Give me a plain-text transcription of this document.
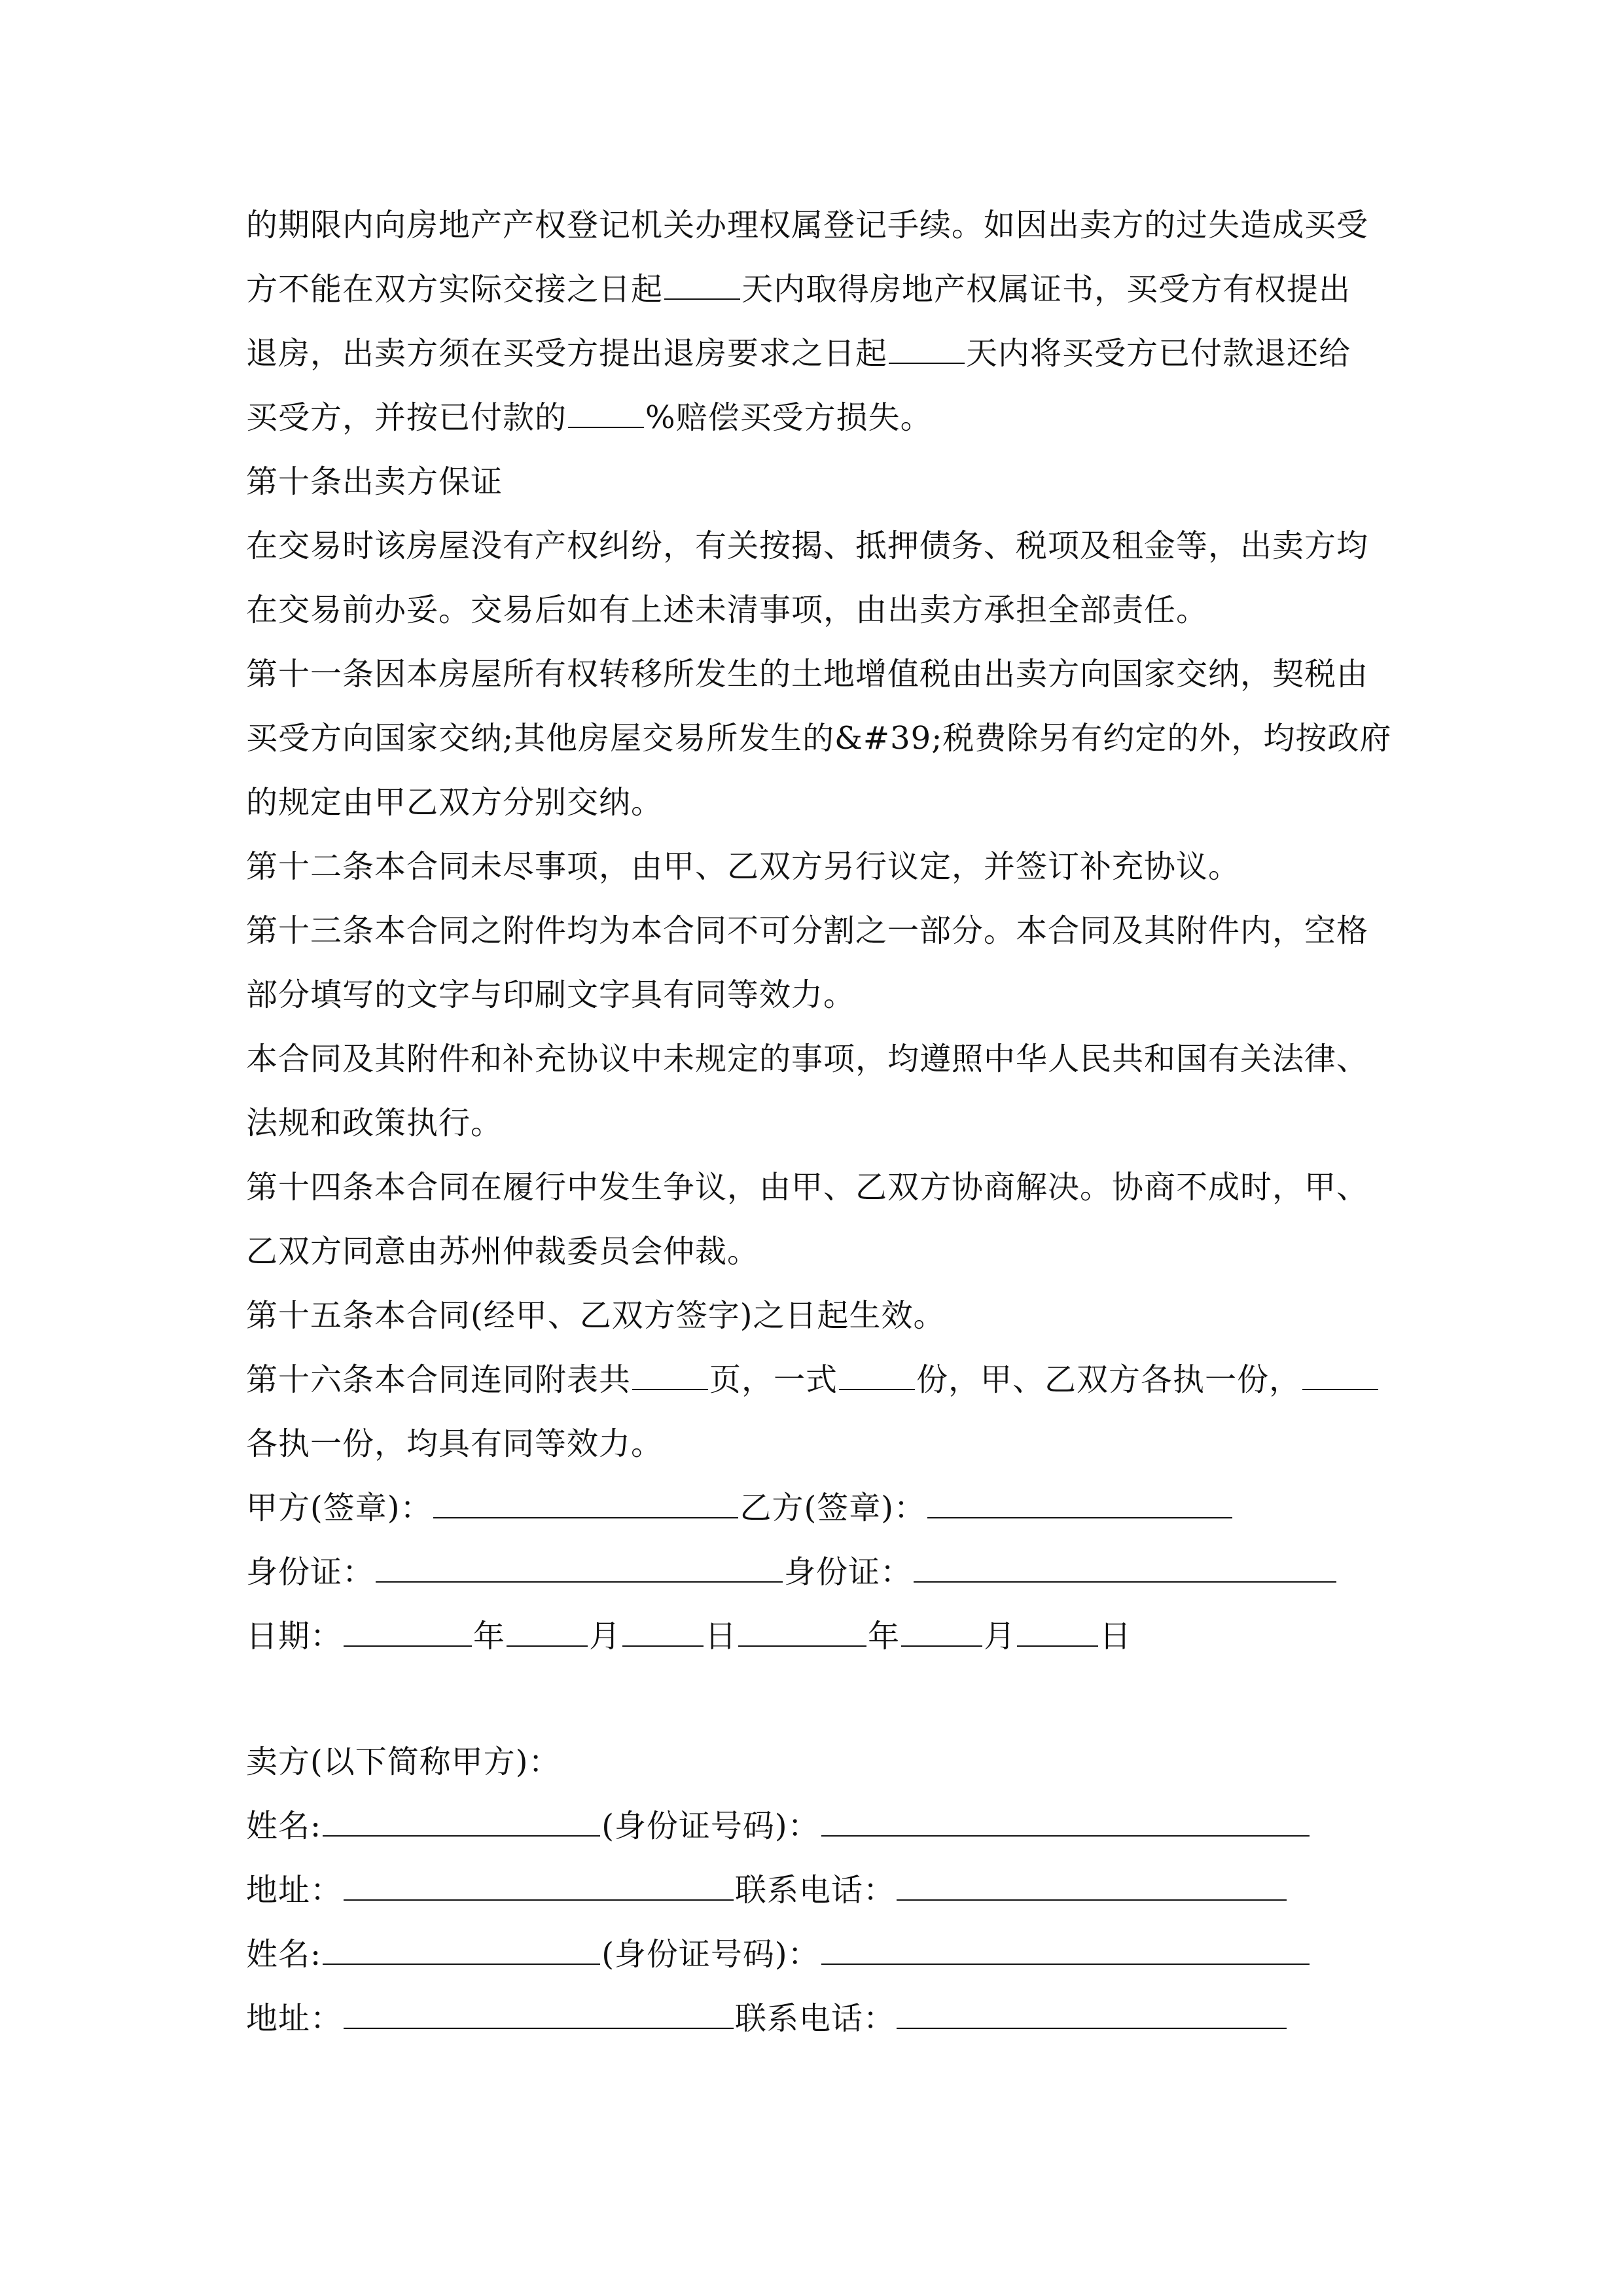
的期限内向房地产产权登记机关办理权属登记手续。如因出卖方的过失造成买受
方不能在双方实际交接之日起	天内取得房地产权属证书，买受方有权提出
退房，出卖方须在买受方提出退房要求之日起	天内将买受方已付款退还给
买受方，并按已付款的	%赔偿买受方损失。
第十条出卖方保证
在交易时该房屋没有产权纠纷，有关按揭、抵押债务、税项及租金等，出卖方均
在交易前办妥。交易后如有上述未清事项，由出卖方承担全部责任。
第十一条因本房屋所有权转移所发生的土地增值税由出卖方向国家交纳，契税由
买受方向国家交纳;其他房屋交易所发生的&#39;税费除另有约定的外，均按政府
的规定由甲乙双方分别交纳。
第十二条本合同未尽事项，由甲、乙双方另行议定，并签订补充协议。
第十三条本合同之附件均为本合同不可分割之一部分。本合同及其附件内，空格
部分填写的文字与印刷文字具有同等效力。
本合同及其附件和补充协议中未规定的事项，均遵照中华人民共和国有关法律、
法规和政策执行。
第十四条本合同在履行中发生争议，由甲、乙双方协商解决。协商不成时，甲、
乙双方同意由苏州仲裁委员会仲裁。
第十五条本合同(经甲、乙双方签字)之日起生效。
第十六条本合同连同附表共	页，一式	份，甲、乙双方各执一份，
各执一份，均具有同等效力。
甲方(签章)：	乙方(签章)：
身份证：	身份证：
日期：	年	月	日	年	月	日
卖方(以下简称甲方)：
姓名:	(身份证号码)：
地址：	联系电话：
姓名:	(身份证号码)：
地址：	联系电话：
